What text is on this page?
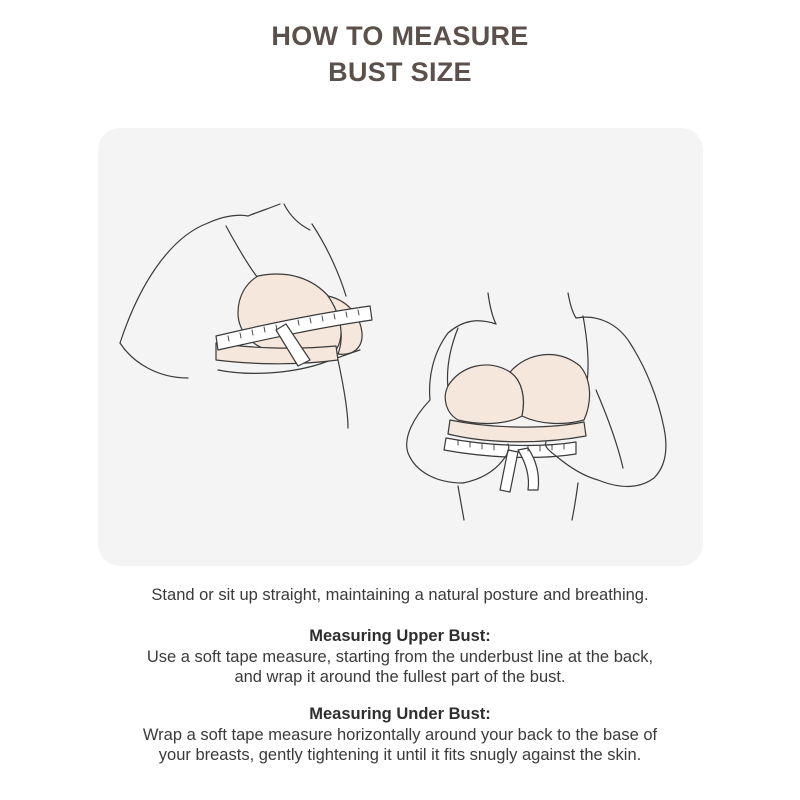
HOW TO MEASURE
BUST SIZE

Stand or sit up straight, maintaining a natural posture and breathing.

Measuring Upper Bust:

Use a soft tape measure, starting from the underbust line at the back,

and wrap it around the fullest part of the bust.

Measuring Under Bust:

Wrap a soft tape measure horizontally around your back to the base of

your breasts, gently tightening it until it fits snugly against the skin.
